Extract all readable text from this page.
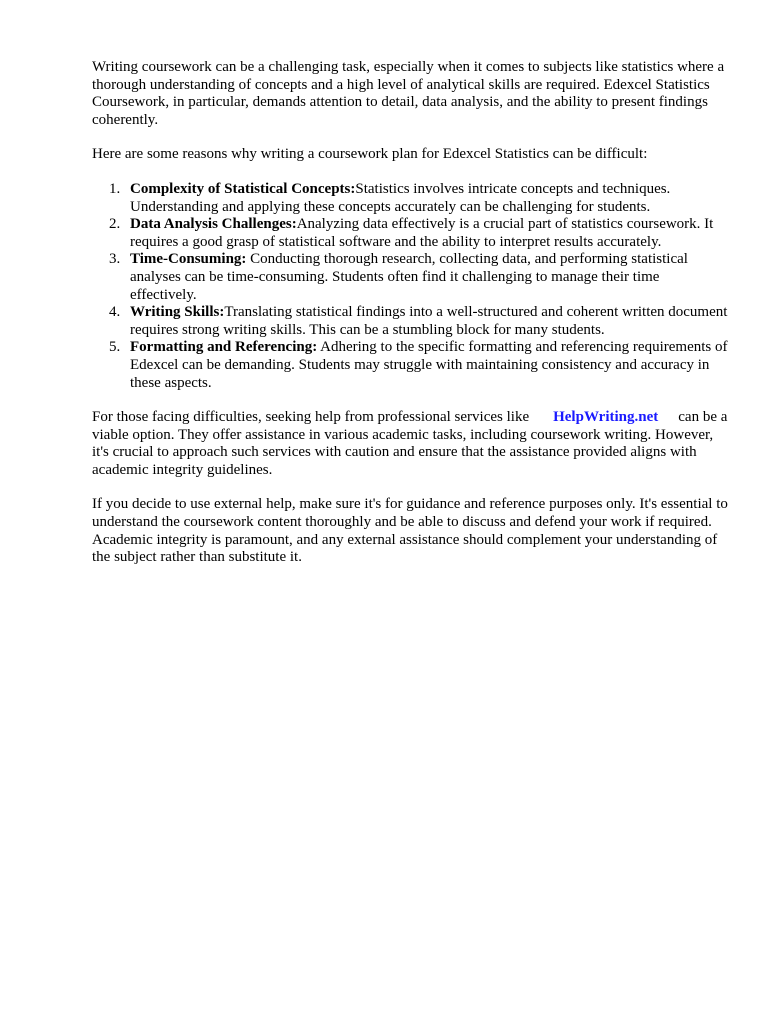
Writing coursework can be a challenging task, especially when it comes to subjects like statistics where a thorough understanding of concepts and a high level of analytical skills are required. Edexcel Statistics Coursework, in particular, demands attention to detail, data analysis, and the ability to present findings coherently.

Here are some reasons why writing a coursework plan for Edexcel Statistics can be difficult:

1. Complexity of Statistical Concepts:Statistics involves intricate concepts and techniques. Understanding and applying these concepts accurately can be challenging for students.
2. Data Analysis Challenges:Analyzing data effectively is a crucial part of statistics coursework. It requires a good grasp of statistical software and the ability to interpret results accurately.
3. Time-Consuming: Conducting thorough research, collecting data, and performing statistical analyses can be time-consuming. Students often find it challenging to manage their time effectively.
4. Writing Skills:Translating statistical findings into a well-structured and coherent written document requires strong writing skills. This can be a stumbling block for many students.
5. Formatting and Referencing: Adhering to the specific formatting and referencing requirements of Edexcel can be demanding. Students may struggle with maintaining consistency and accuracy in these aspects.

For those facing difficulties, seeking help from professional services like HelpWriting.net can be a viable option. They offer assistance in various academic tasks, including coursework writing. However, it's crucial to approach such services with caution and ensure that the assistance provided aligns with academic integrity guidelines.

If you decide to use external help, make sure it's for guidance and reference purposes only. It's essential to understand the coursework content thoroughly and be able to discuss and defend your work if required. Academic integrity is paramount, and any external assistance should complement your understanding of the subject rather than substitute it.
